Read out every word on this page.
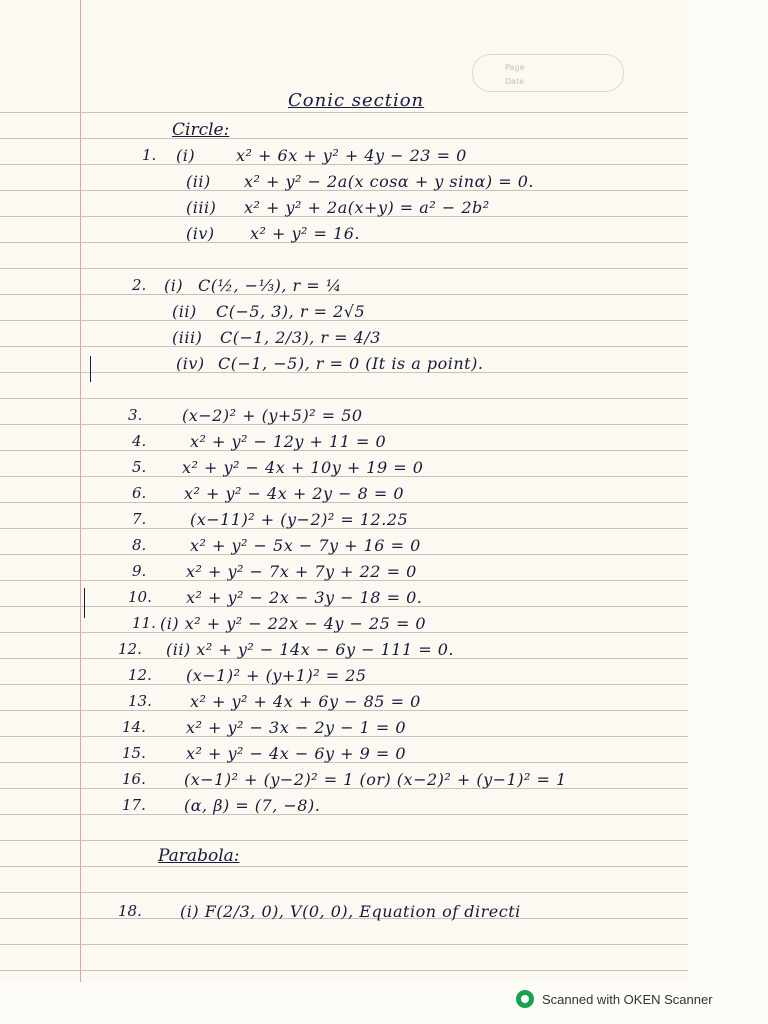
Page
Date
Conic section
Circle:
1. (i)	x² + 6x + y² + 4y − 23 = 0
(ii) x² + y² − 2a(x cosα + y sinα) = 0.
(iii) x² + y² + 2a(x+y) = a² − 2b²
(iv) x² + y² = 16.
2. (i) C(½, −⅓), r = ¼
(ii) C(−5, 3), r = 2√5
(iii) C(−1, 2/3), r = 4/3
(iv) C(−1, −5), r = 0 (It is a point).
3. (x−2)² + (y+5)² = 50
4.	x² + y² − 12y + 11 = 0
5. x² + y² − 4x + 10y + 19 = 0
6. x² + y² − 4x + 2y − 8 = 0
7.	(x−11)² + (y−2)² = 12.25
8.	x² + y² − 5x − 7y + 16 = 0
9. x² + y² − 7x + 7y + 22 = 0
10. x² + y² − 2x − 3y − 18 = 0.
11. (i) x² + y² − 22x − 4y − 25 = 0
12. (ii) x² + y² − 14x − 6y − 111 = 0.
12. (x−1)² + (y+1)² = 25
13. x² + y² + 4x + 6y − 85 = 0
14.	x² + y² − 3x − 2y − 1 = 0
15.	x² + y² − 4x − 6y + 9 = 0
16. (x−1)² + (y−2)² = 1 (or) (x−2)² + (y−1)² = 1
17. (α, β) = (7, −8).
Parabola:
18. (i) F(2/3, 0), V(0, 0), Equation of directi
Scanned with OKEN Scanner
